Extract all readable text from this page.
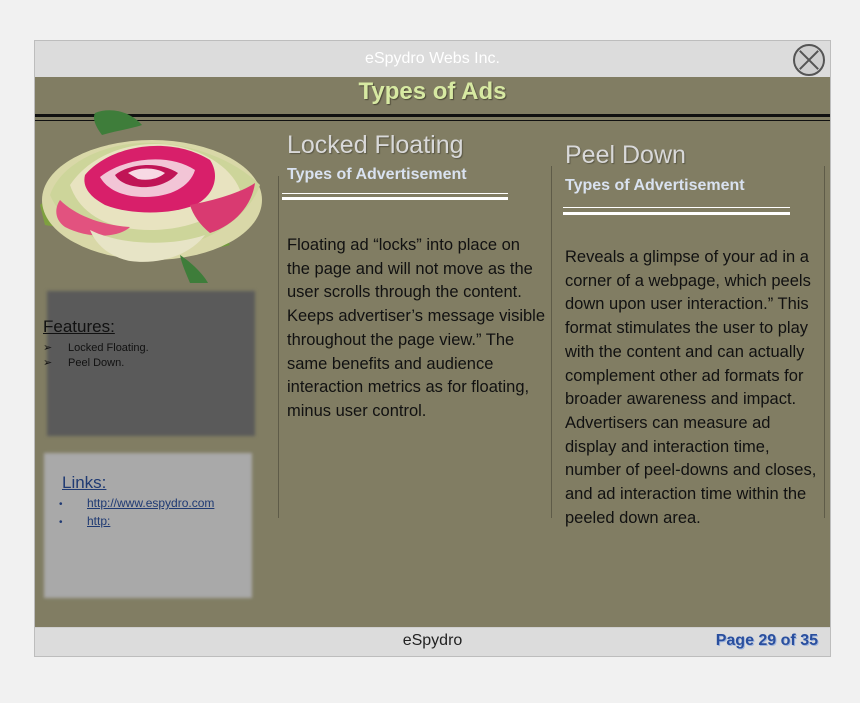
eSpydro Webs Inc.
Types of Ads
Features:
➢ Locked Floating.
➢ Peel Down.
Links:
• http://www.espydro.com
• http:
Locked Floating
Types of Advertisement
Floating ad “locks” into place on the page and will not move as the user scrolls through the content. Keeps advertiser’s message visible throughout the page view.” The same benefits and audience interaction metrics as for floating, minus user control.
Peel Down
Types of Advertisement
Reveals a glimpse of your ad in a corner of a webpage, which peels down upon user interaction.” This format stimulates the user to play with the content and can actually complement other ad formats for broader awareness and impact. Advertisers can measure ad display and interaction time, number of peel-downs and closes, and ad interaction time within the peeled down area.
eSpydro	Page 29 of 35
